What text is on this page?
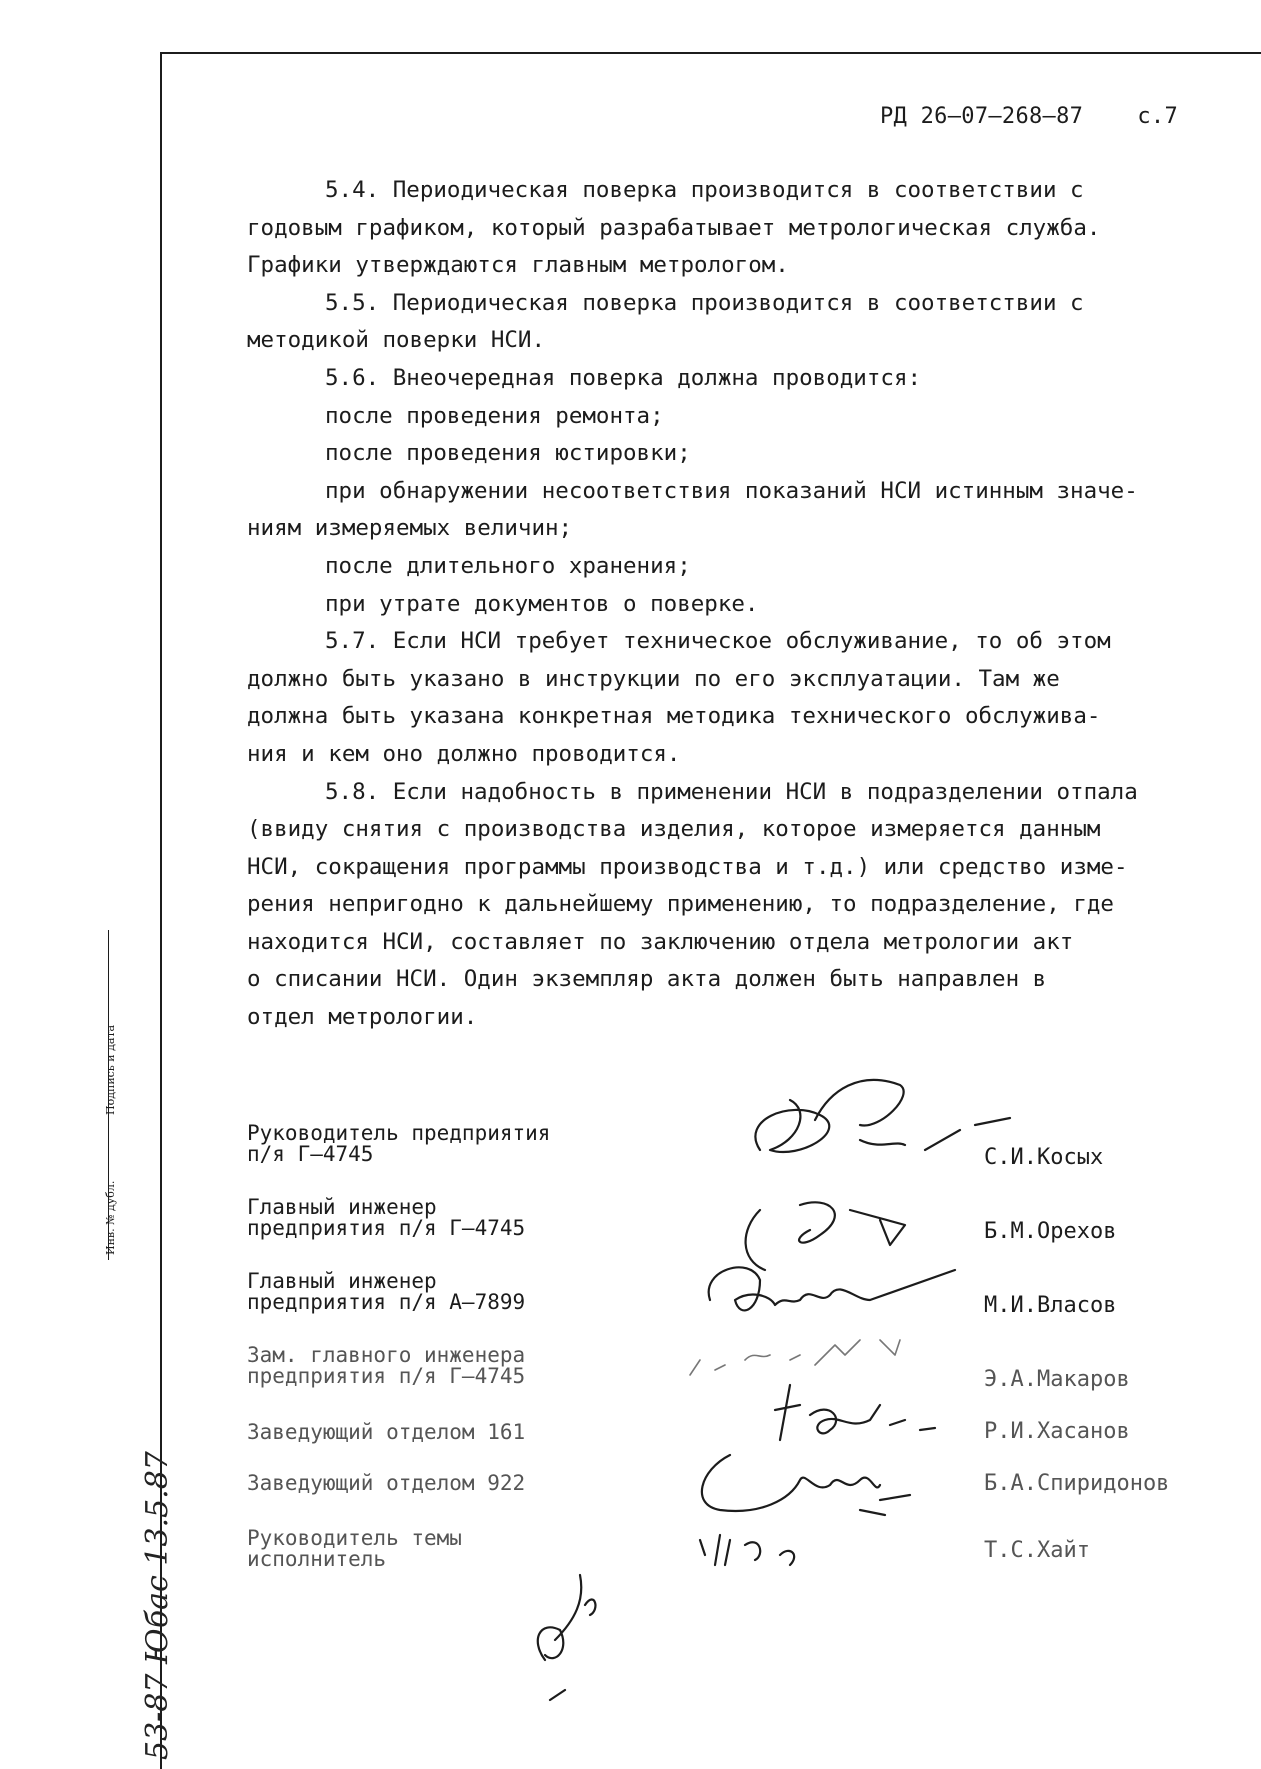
РД 26–07–268–87 с.7
5.4. Периодическая поверка производится в соответствии с
годовым графиком, который разрабатывает метрологическая служба.
Графики утверждаются главным метрологом.
5.5. Периодическая поверка производится в соответствии с
методикой поверки НСИ.
5.6. Внеочередная поверка должна проводится:
после проведения ремонта;
после проведения юстировки;
при обнаружении несоответствия показаний НСИ истинным значе-
ниям измеряемых величин;
после длительного хранения;
при утрате документов о поверке.
5.7. Если НСИ требует техническое обслуживание, то об этом
должно быть указано в инструкции по его эксплуатации. Там же
должна быть указана конкретная методика технического обслужива-
ния и кем оно должно проводится.
5.8. Если надобность в применении НСИ в подразделении отпала
(ввиду снятия с производства изделия, которое измеряется данным
НСИ, сокращения программы производства и т.д.) или средство изме-
рения непригодно к дальнейшему применению, то подразделение, где
находится НСИ, составляет по заключению отдела метрологии акт
о списании НСИ. Один экземпляр акта должен быть направлен в
отдел метрологии.
Руководитель предприятия
п/я Г–4745
Главный инженер
предприятия п/я Г–4745
Главный инженер
предприятия п/я А–7899
Зам. главного инженера
предприятия п/я Г–4745
Заведующий отделом 161
Заведующий отделом 922
Руководитель темы
исполнитель
С.И.Косых
Б.М.Орехов
М.И.Власов
Э.А.Макаров
Р.И.Хасанов
Б.А.Спиридонов
Т.С.Хайт
Подпись и дата
Инв. № дубл.
53-87 Юбас 13.5.87
